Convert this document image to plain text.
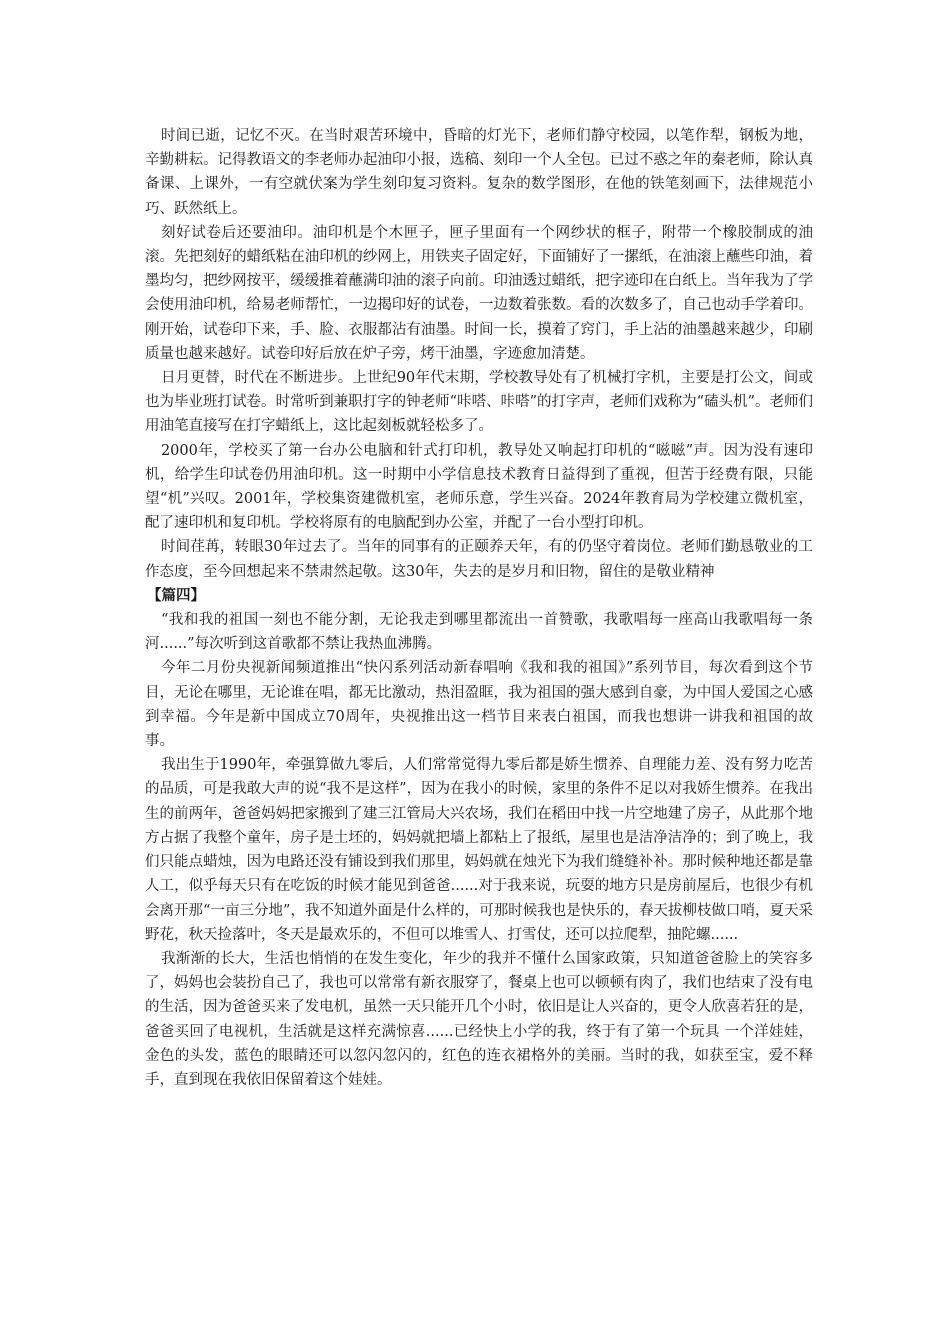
时间已逝，记忆不灭。在当时艰苦环境中，昏暗的灯光下，老师们静守校园，以笔作犁，钢板为地，辛勤耕耘。记得教语文的李老师办起油印小报，选稿、刻印一个人全包。已过不惑之年的秦老师，除认真备课、上课外，一有空就伏案为学生刻印复习资料。复杂的数学图形，在他的铁笔刻画下，法律规范小巧、跃然纸上。

刻好试卷后还要油印。油印机是个木匣子，匣子里面有一个网纱状的框子，附带一个橡胶制成的油滚。先把刻好的蜡纸粘在油印机的纱网上，用铁夹子固定好，下面铺好了一摞纸，在油滚上蘸些印油，着墨均匀，把纱网按平，缓缓推着蘸满印油的滚子向前。印油透过蜡纸，把字迹印在白纸上。当年我为了学会使用油印机，给易老师帮忙，一边揭印好的试卷，一边数着张数。看的次数多了，自己也动手学着印。刚开始，试卷印下来，手、脸、衣服都沾有油墨。时间一长，摸着了窍门，手上沾的油墨越来越少，印刷质量也越来越好。试卷印好后放在炉子旁，烤干油墨，字迹愈加清楚。

日月更替，时代在不断进步。上世纪90年代末期，学校教导处有了机械打字机，主要是打公文，间或也为毕业班打试卷。时常听到兼职打字的钟老师“咔嗒、咔嗒”的打字声，老师们戏称为“磕头机”。老师们用油笔直接写在打字蜡纸上，这比起刻板就轻松多了。

2000年，学校买了第一台办公电脑和针式打印机，教导处又响起打印机的“嗞嗞”声。因为没有速印机，给学生印试卷仍用油印机。这一时期中小学信息技术教育日益得到了重视，但苦于经费有限，只能望“机”兴叹。2001年，学校集资建微机室，老师乐意，学生兴奋。2024年教育局为学校建立微机室，配了速印机和复印机。学校将原有的电脑配到办公室，并配了一台小型打印机。

时间荏苒，转眼30年过去了。当年的同事有的正颐养天年，有的仍坚守着岗位。老师们勤恳敬业的工作态度，至今回想起来不禁肃然起敬。这30年，失去的是岁月和旧物，留住的是敬业精神

【篇四】

“我和我的祖国一刻也不能分割，无论我走到哪里都流出一首赞歌，我歌唱每一座高山我歌唱每一条河......”每次听到这首歌都不禁让我热血沸腾。

今年二月份央视新闻频道推出“快闪系列活动新春唱响《我和我的祖国》”系列节目，每次看到这个节目，无论在哪里，无论谁在唱，都无比激动，热泪盈眶，我为祖国的强大感到自豪，为中国人爱国之心感到幸福。今年是新中国成立70周年，央视推出这一档节目来表白祖国，而我也想讲一讲我和祖国的故事。

我出生于1990年，牵强算做九零后，人们常常觉得九零后都是娇生惯养、自理能力差、没有努力吃苦的品质，可是我敢大声的说“我不是这样”，因为在我小的时候，家里的条件不足以对我娇生惯养。在我出生的前两年，爸爸妈妈把家搬到了建三江管局大兴农场，我们在稻田中找一片空地建了房子，从此那个地方占据了我整个童年，房子是土坯的，妈妈就把墙上都粘上了报纸，屋里也是洁净洁净的；到了晚上，我们只能点蜡烛，因为电路还没有铺设到我们那里，妈妈就在烛光下为我们缝缝补补。那时候种地还都是靠人工，似乎每天只有在吃饭的时候才能见到爸爸......对于我来说，玩耍的地方只是房前屋后，也很少有机会离开那“一亩三分地”，我不知道外面是什么样的，可那时候我也是快乐的，春天拔柳枝做口哨，夏天采野花，秋天捡落叶，冬天是最欢乐的，不但可以堆雪人、打雪仗，还可以拉爬犁，抽陀螺......

我渐渐的长大，生活也悄悄的在发生变化，年少的我并不懂什么国家政策，只知道爸爸脸上的笑容多了，妈妈也会装扮自己了，我也可以常常有新衣服穿了，餐桌上也可以顿顿有肉了，我们也结束了没有电的生活，因为爸爸买来了发电机，虽然一天只能开几个小时，依旧是让人兴奋的，更令人欣喜若狂的是，爸爸买回了电视机，生活就是这样充满惊喜......已经快上小学的我，终于有了第一个玩具 一个洋娃娃，金色的头发，蓝色的眼睛还可以忽闪忽闪的，红色的连衣裙格外的美丽。当时的我，如获至宝，爱不释手，直到现在我依旧保留着这个娃娃。
